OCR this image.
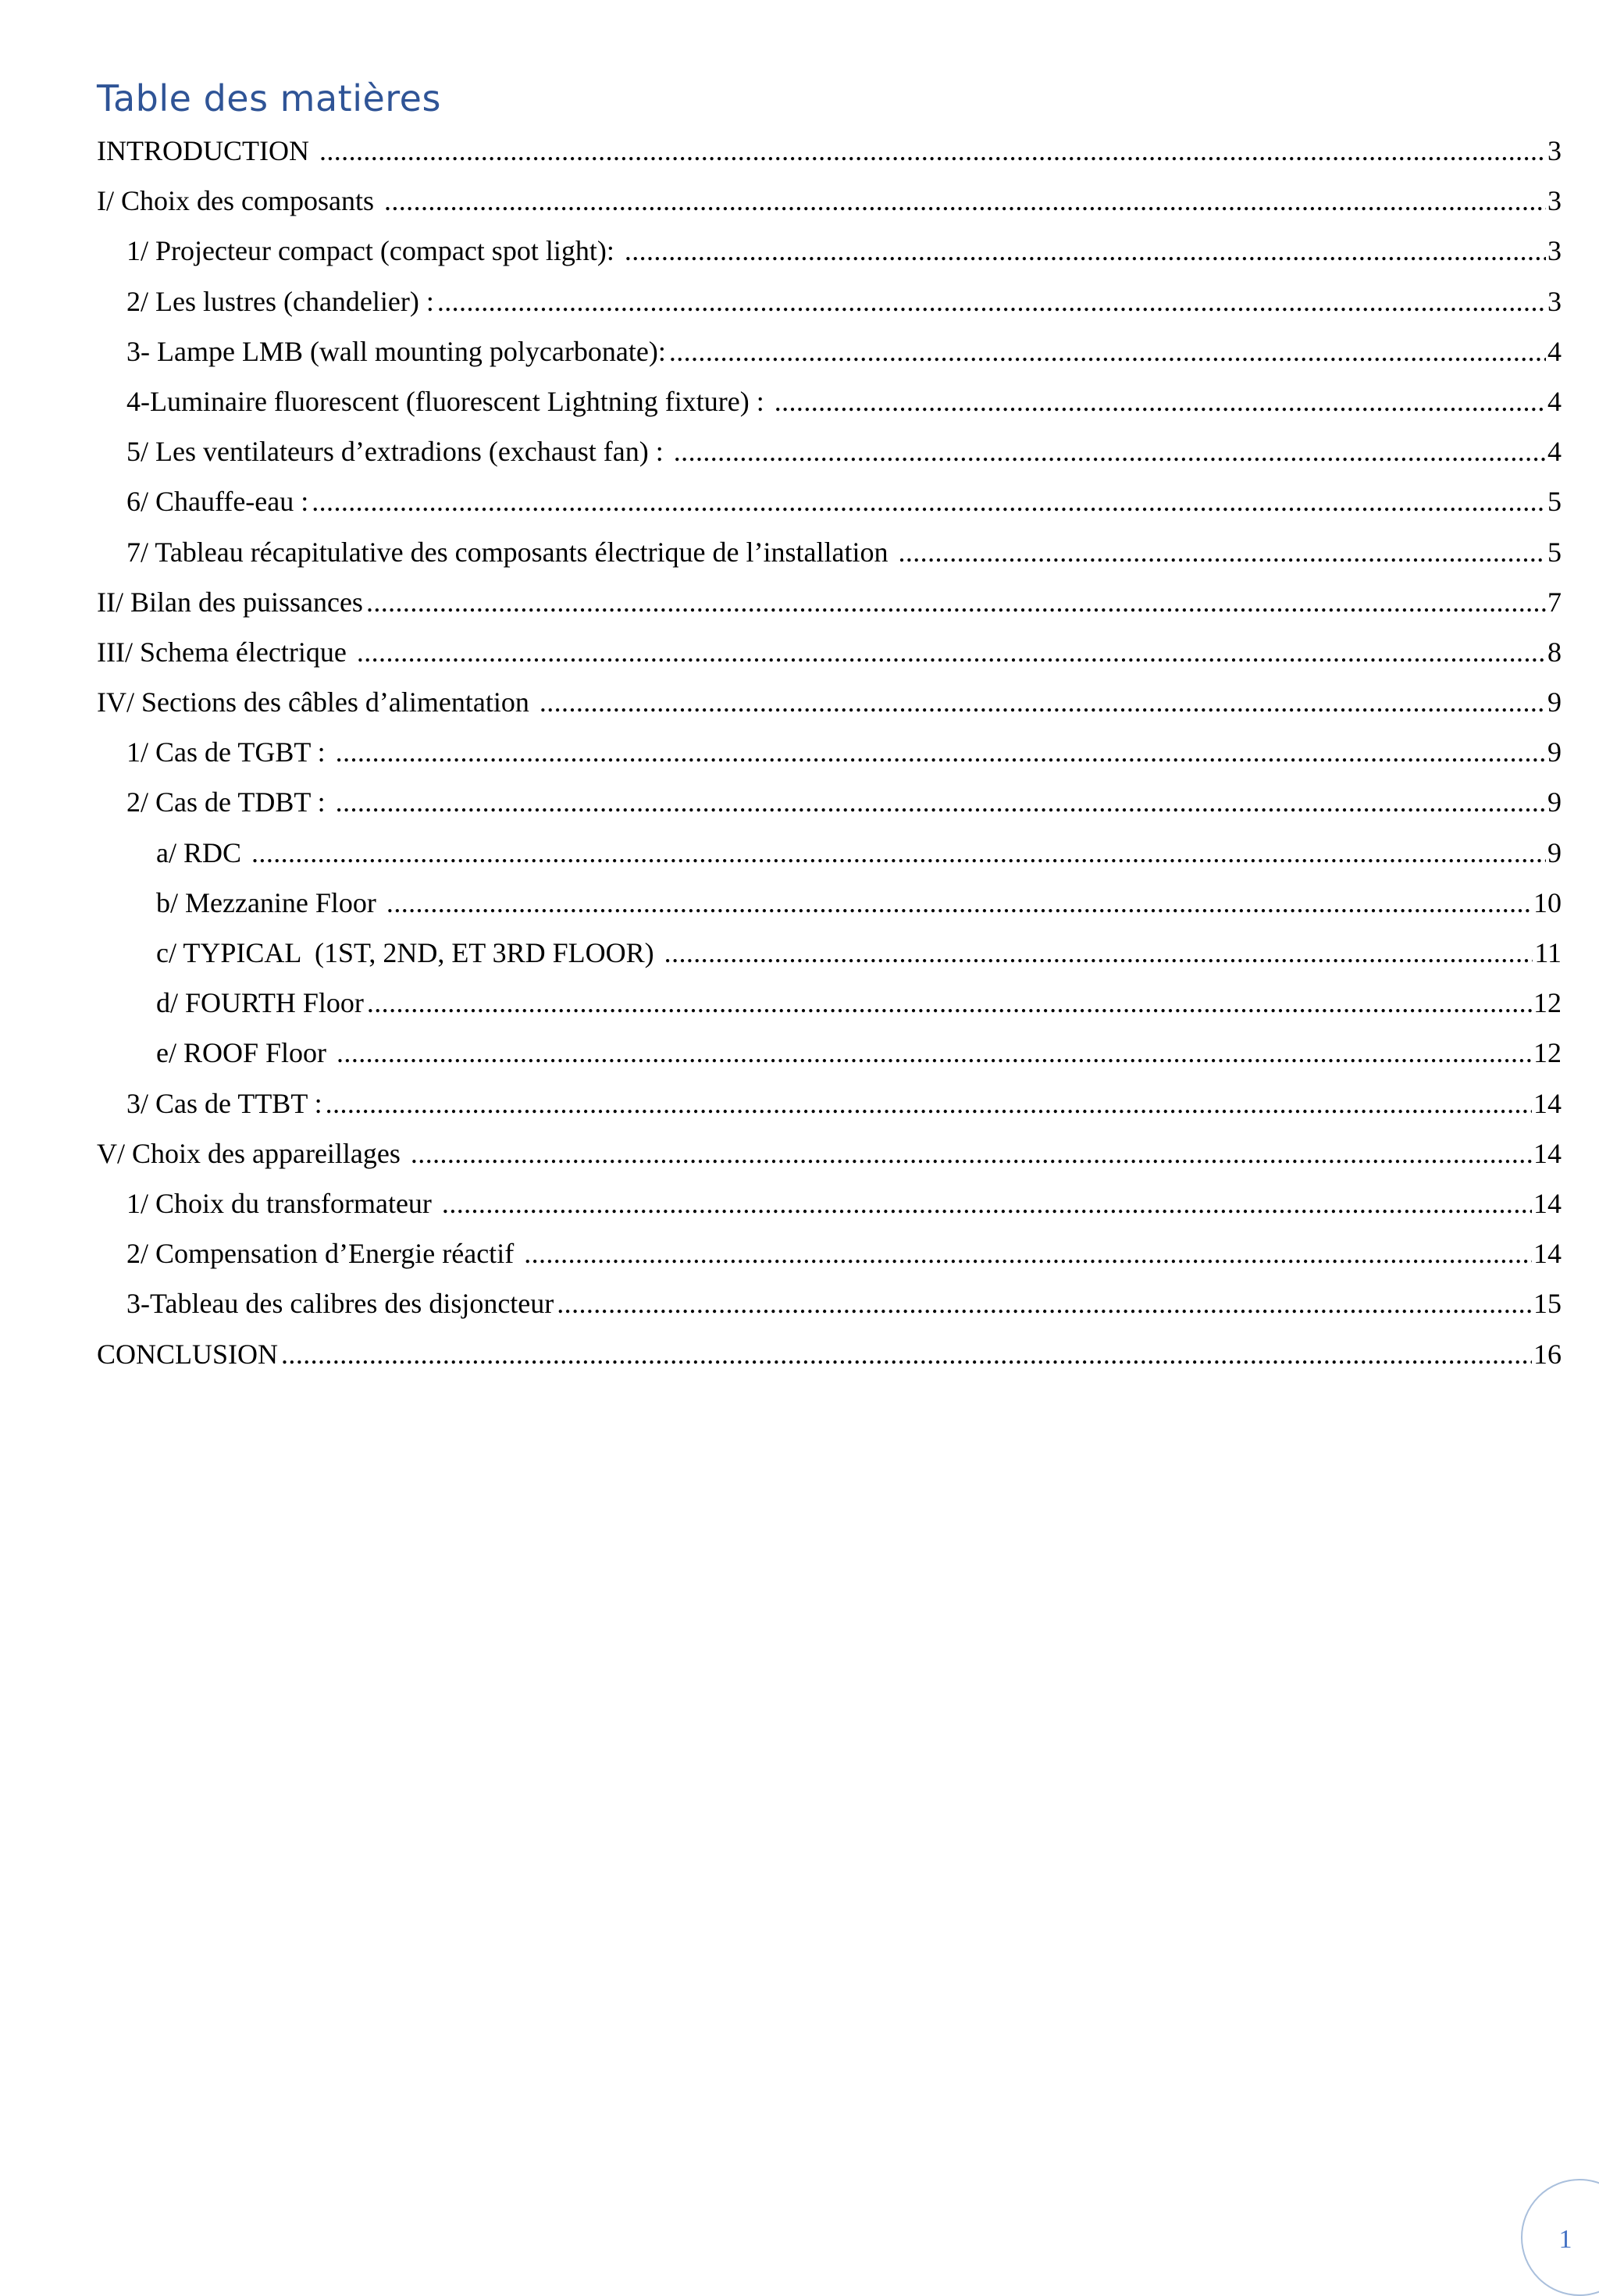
Table des matières
INTRODUCTION .....	3
I/ Choix des composants .....	3
1/ Projecteur compact (compact spot light): .....	3
2/ Les lustres (chandelier) : .....	3
3- Lampe LMB (wall mounting polycarbonate): .....	4
4-Luminaire fluorescent (fluorescent Lightning fixture) : .....	4
5/ Les ventilateurs d’extradions (exchaust fan) : .....	4
6/ Chauffe-eau : .....	5
7/ Tableau récapitulative des composants électrique de l’installation .....	5
II/ Bilan des puissances .....	7
III/ Schema électrique .....	8
IV/ Sections des câbles d’alimentation .....	9
1/ Cas de TGBT : .....	9
2/ Cas de TDBT : .....	9
a/ RDC .....	9
b/ Mezzanine Floor .....	10
c/ TYPICAL  (1ST, 2ND, ET 3RD FLOOR) .....	11
d/ FOURTH Floor .....	12
e/ ROOF Floor .....	12
3/ Cas de TTBT : .....	14
V/ Choix des appareillages .....	14
1/ Choix du transformateur .....	14
2/ Compensation d’Energie réactif .....	14
3-Tableau des calibres des disjoncteur .....	15
CONCLUSION .....	16
1
